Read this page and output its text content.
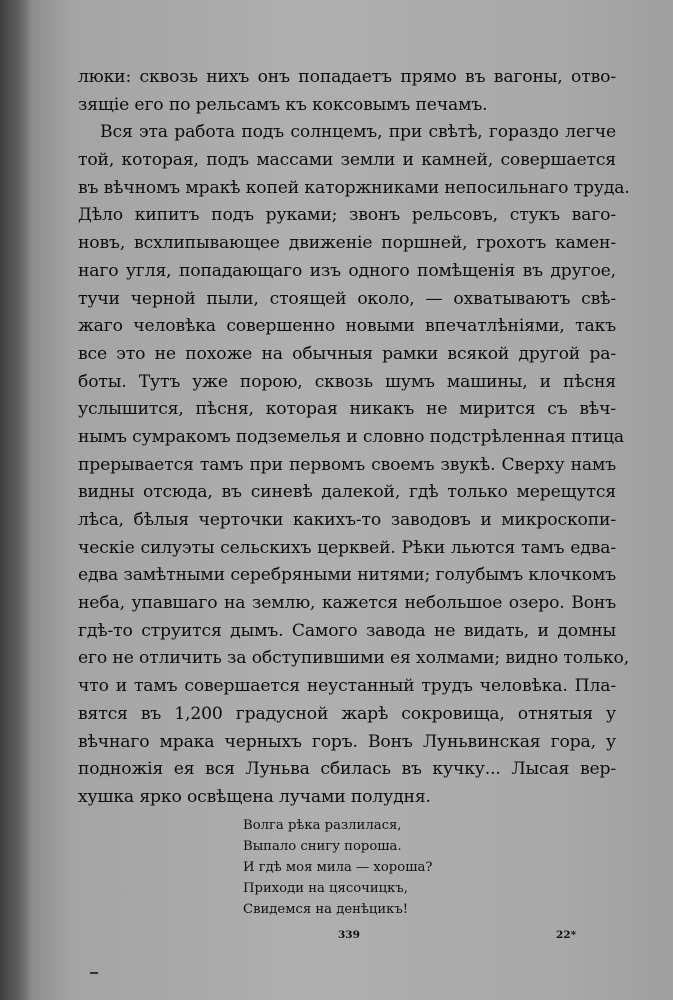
люки: сквозь нихъ онъ попадаетъ прямо въ вагоны, отво-
зящіе его по рельсамъ къ коксовымъ печамъ.
Вся эта работа подъ солнцемъ, при свѣтѣ, гораздо легче
той, которая, подъ массами земли и камней, совершается
въ вѣчномъ мракѣ копей каторжниками непосильнаго труда.
Дѣло кипитъ подъ руками; звонъ рельсовъ, стукъ ваго-
новъ, всхлипывающее движеніе поршней, грохотъ камен-
наго угля, попадающаго изъ одного помѣщенія въ другое,
тучи черной пыли, стоящей около, — охватываютъ свѣ-
жаго человѣка совершенно новыми впечатлѣніями, такъ
все это не похоже на обычныя рамки всякой другой ра-
боты. Тутъ уже порою, сквозь шумъ машины, и пѣсня
услышится, пѣсня, которая никакъ не мирится съ вѣч-
нымъ сумракомъ подземелья и словно подстрѣленная птица
прерывается тамъ при первомъ своемъ звукѣ. Сверху намъ
видны отсюда, въ синевѣ далекой, гдѣ только мерещутся
лѣса, бѣлыя черточки какихъ-то заводовъ и микроскопи-
ческіе силуэты сельскихъ церквей. Рѣки льются тамъ едва-
едва замѣтными серебряными нитями; голубымъ клочкомъ
неба, упавшаго на землю, кажется небольшое озеро. Вонъ
гдѣ-то струится дымъ. Самого завода не видать, и домны
его не отличить за обступившими ея холмами; видно только,
что и тамъ совершается неустанный трудъ человѣка. Пла-
вятся въ 1,200 градусной жарѣ сокровища, отнятыя у
вѣчнаго мрака черныхъ горъ. Вонъ Луньвинская гора, у
подножія ея вся Луньва сбилась въ кучку... Лысая вер-
хушка ярко освѣщена лучами полудня.
Волга рѣка разлилася,
Выпало снигу пороша.
И гдѣ моя мила — хороша?
Приходи на цясочицкъ,
Свидемся на денѣцикъ!
339	22*
